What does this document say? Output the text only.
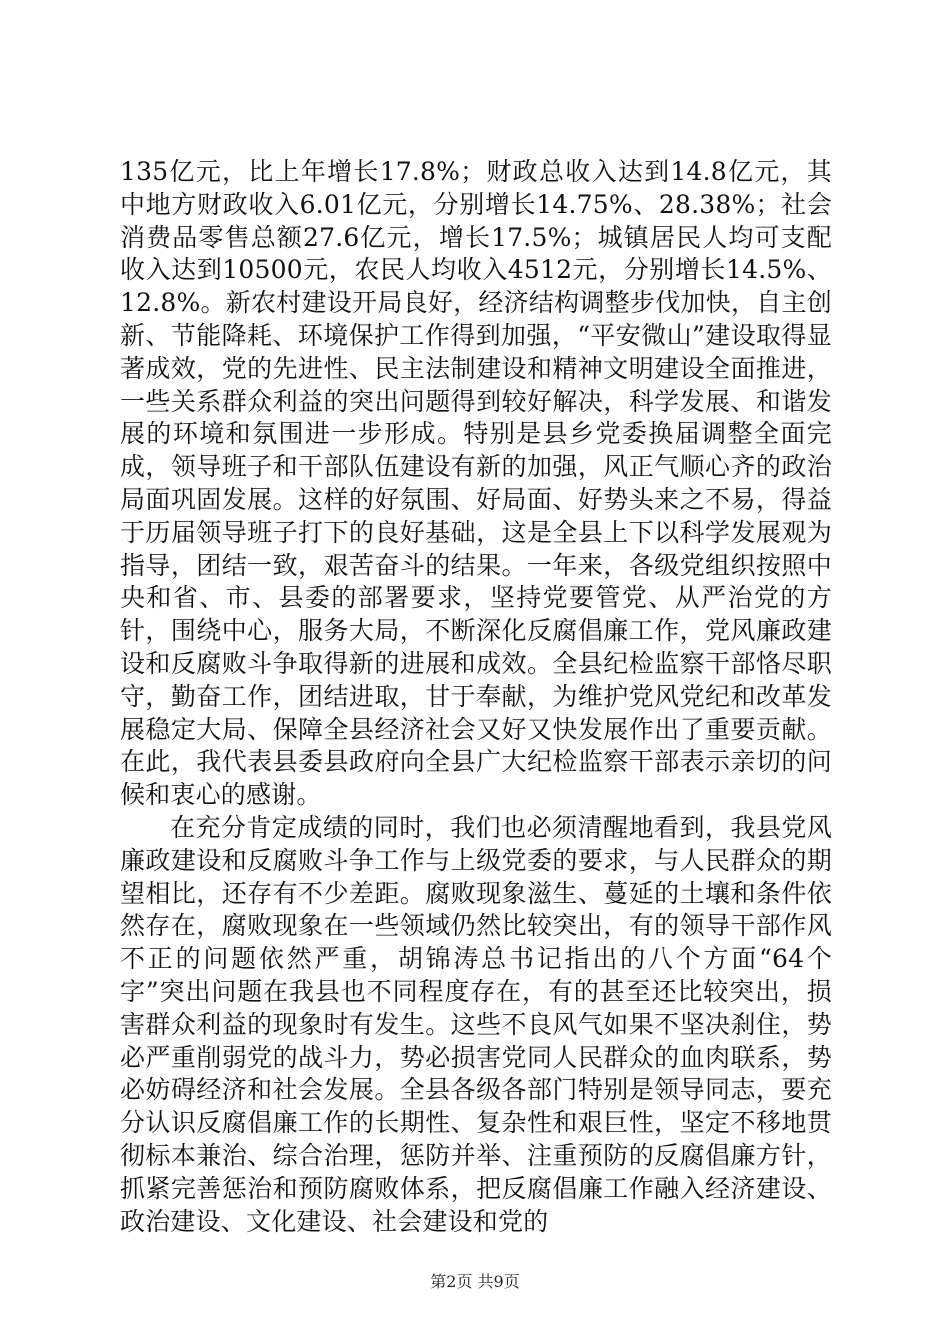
135亿元，比上年增长17.8%；财政总收入达到14.8亿元，其中地方财政收入6.01亿元，分别增长14.75%、28.38%；社会消费品零售总额27.6亿元，增长17.5%；城镇居民人均可支配收入达到10500元，农民人均收入4512元，分别增长14.5%、12.8%。新农村建设开局良好，经济结构调整步伐加快，自主创新、节能降耗、环境保护工作得到加强，“平安微山”建设取得显著成效，党的先进性、民主法制建设和精神文明建设全面推进，一些关系群众利益的突出问题得到较好解决，科学发展、和谐发展的环境和氛围进一步形成。特别是县乡党委换届调整全面完成，领导班子和干部队伍建设有新的加强，风正气顺心齐的政治局面巩固发展。这样的好氛围、好局面、好势头来之不易，得益于历届领导班子打下的良好基础，这是全县上下以科学发展观为指导，团结一致，艰苦奋斗的结果。一年来，各级党组织按照中央和省、市、县委的部署要求，坚持党要管党、从严治党的方针，围绕中心，服务大局，不断深化反腐倡廉工作，党风廉政建设和反腐败斗争取得新的进展和成效。全县纪检监察干部恪尽职守，勤奋工作，团结进取，甘于奉献，为维护党风党纪和改革发展稳定大局、保障全县经济社会又好又快发展作出了重要贡献。在此，我代表县委县政府向全县广大纪检监察干部表示亲切的问候和衷心的感谢。

在充分肯定成绩的同时，我们也必须清醒地看到，我县党风廉政建设和反腐败斗争工作与上级党委的要求，与人民群众的期望相比，还存有不少差距。腐败现象滋生、蔓延的土壤和条件依然存在，腐败现象在一些领域仍然比较突出，有的领导干部作风不正的问题依然严重，胡锦涛总书记指出的八个方面“64个字”突出问题在我县也不同程度存在，有的甚至还比较突出，损害群众利益的现象时有发生。这些不良风气如果不坚决刹住，势必严重削弱党的战斗力，势必损害党同人民群众的血肉联系，势必妨碍经济和社会发展。全县各级各部门特别是领导同志，要充分认识反腐倡廉工作的长期性、复杂性和艰巨性，坚定不移地贯彻标本兼治、综合治理，惩防并举、注重预防的反腐倡廉方针，抓紧完善惩治和预防腐败体系，把反腐倡廉工作融入经济建设、政治建设、文化建设、社会建设和党的

第2页 共9页
